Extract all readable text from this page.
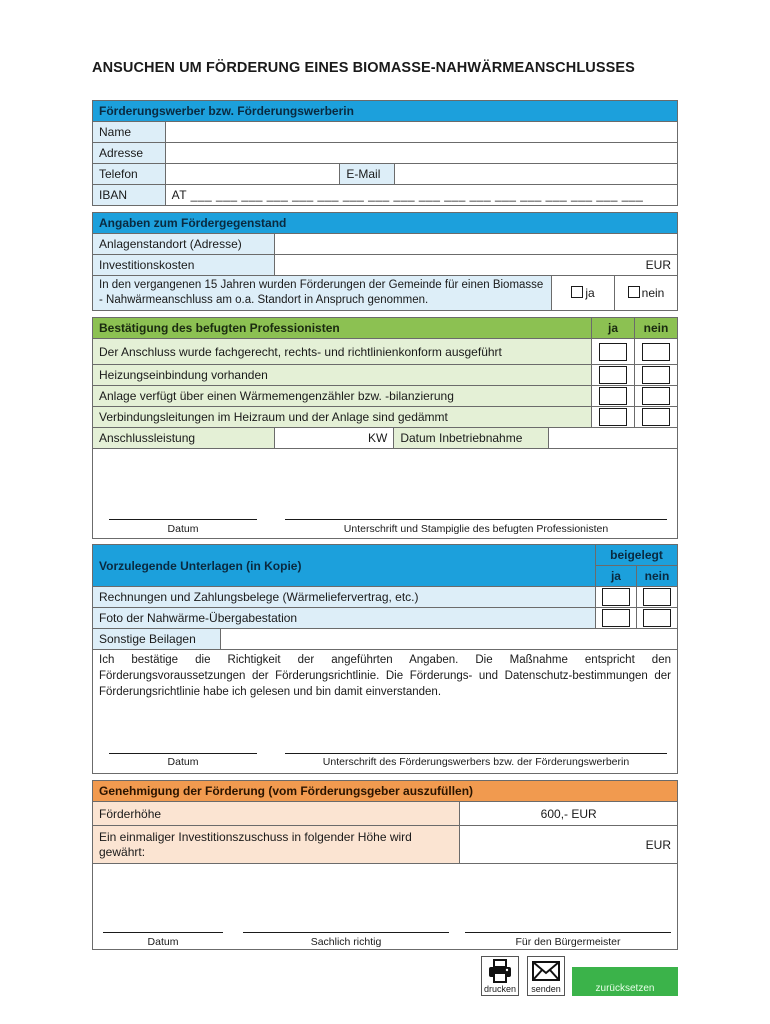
ANSUCHEN UM FÖRDERUNG EINES BIOMASSE-NAHWÄRMEANSCHLUSSES
Förderungswerber bzw. Förderungswerberin			
Name			
Adresse			
Telefon		E-Mail	
IBAN	AT ___ ___ ___ ___ ___ ___ ___ ___ ___ ___ ___ ___ ___ ___ ___ ___ ___ ___		
Angaben zum Fördergegenstand			
Anlagenstandort (Adresse)			
Investitionskosten	EUR		
In den vergangenen 15 Jahren wurden Förderungen der Gemeinde für einen Biomasse - Nahwärmeanschluss am o.a. Standort in Anspruch genommen.		ja	nein
Bestätigung des befugten Professionisten				ja	nein
Der Anschluss wurde fachgerecht, rechts- und richtlinienkonform ausgeführt					
Heizungseinbindung vorhanden					
Anlage verfügt über einen Wärmemengenzähler bzw. -bilanzierung					
Verbindungsleitungen im Heizraum und der Anlage sind gedämmt					
Anschlussleistung	KW	Datum Inbetriebnahme			

Datum Unterschrift und Stampiglie des befugten Professionisten					
Vorzulegende Unterlagen (in Kopie)		beigelegt	
		ja	nein
Rechnungen und Zahlungsbelege (Wärmeliefervertrag, etc.)			
Foto der Nahwärme-Übergabestation			
Sonstige Beilagen			

Ich bestätige die Richtigkeit der angeführten Angaben. Die Maßnahme entspricht den Förderungsvoraussetzungen der Förderungsrichtlinie. Die Förderungs- und Datenschutz-bestimmungen der Förderungsrichtlinie habe ich gelesen und bin damit einverstanden.
Datum Unterschrift des Förderungswerbers bzw. der Förderungswerberin			
Genehmigung der Förderung (vom Förderungsgeber auszufüllen)	
Förderhöhe	600,- EUR
Ein einmaliger Investitionszuschuss in folgender Höhe wird gewährt:	EUR

Datum Sachlich richtig Für den Bürgermeister	
drucken	senden	zurücksetzen
